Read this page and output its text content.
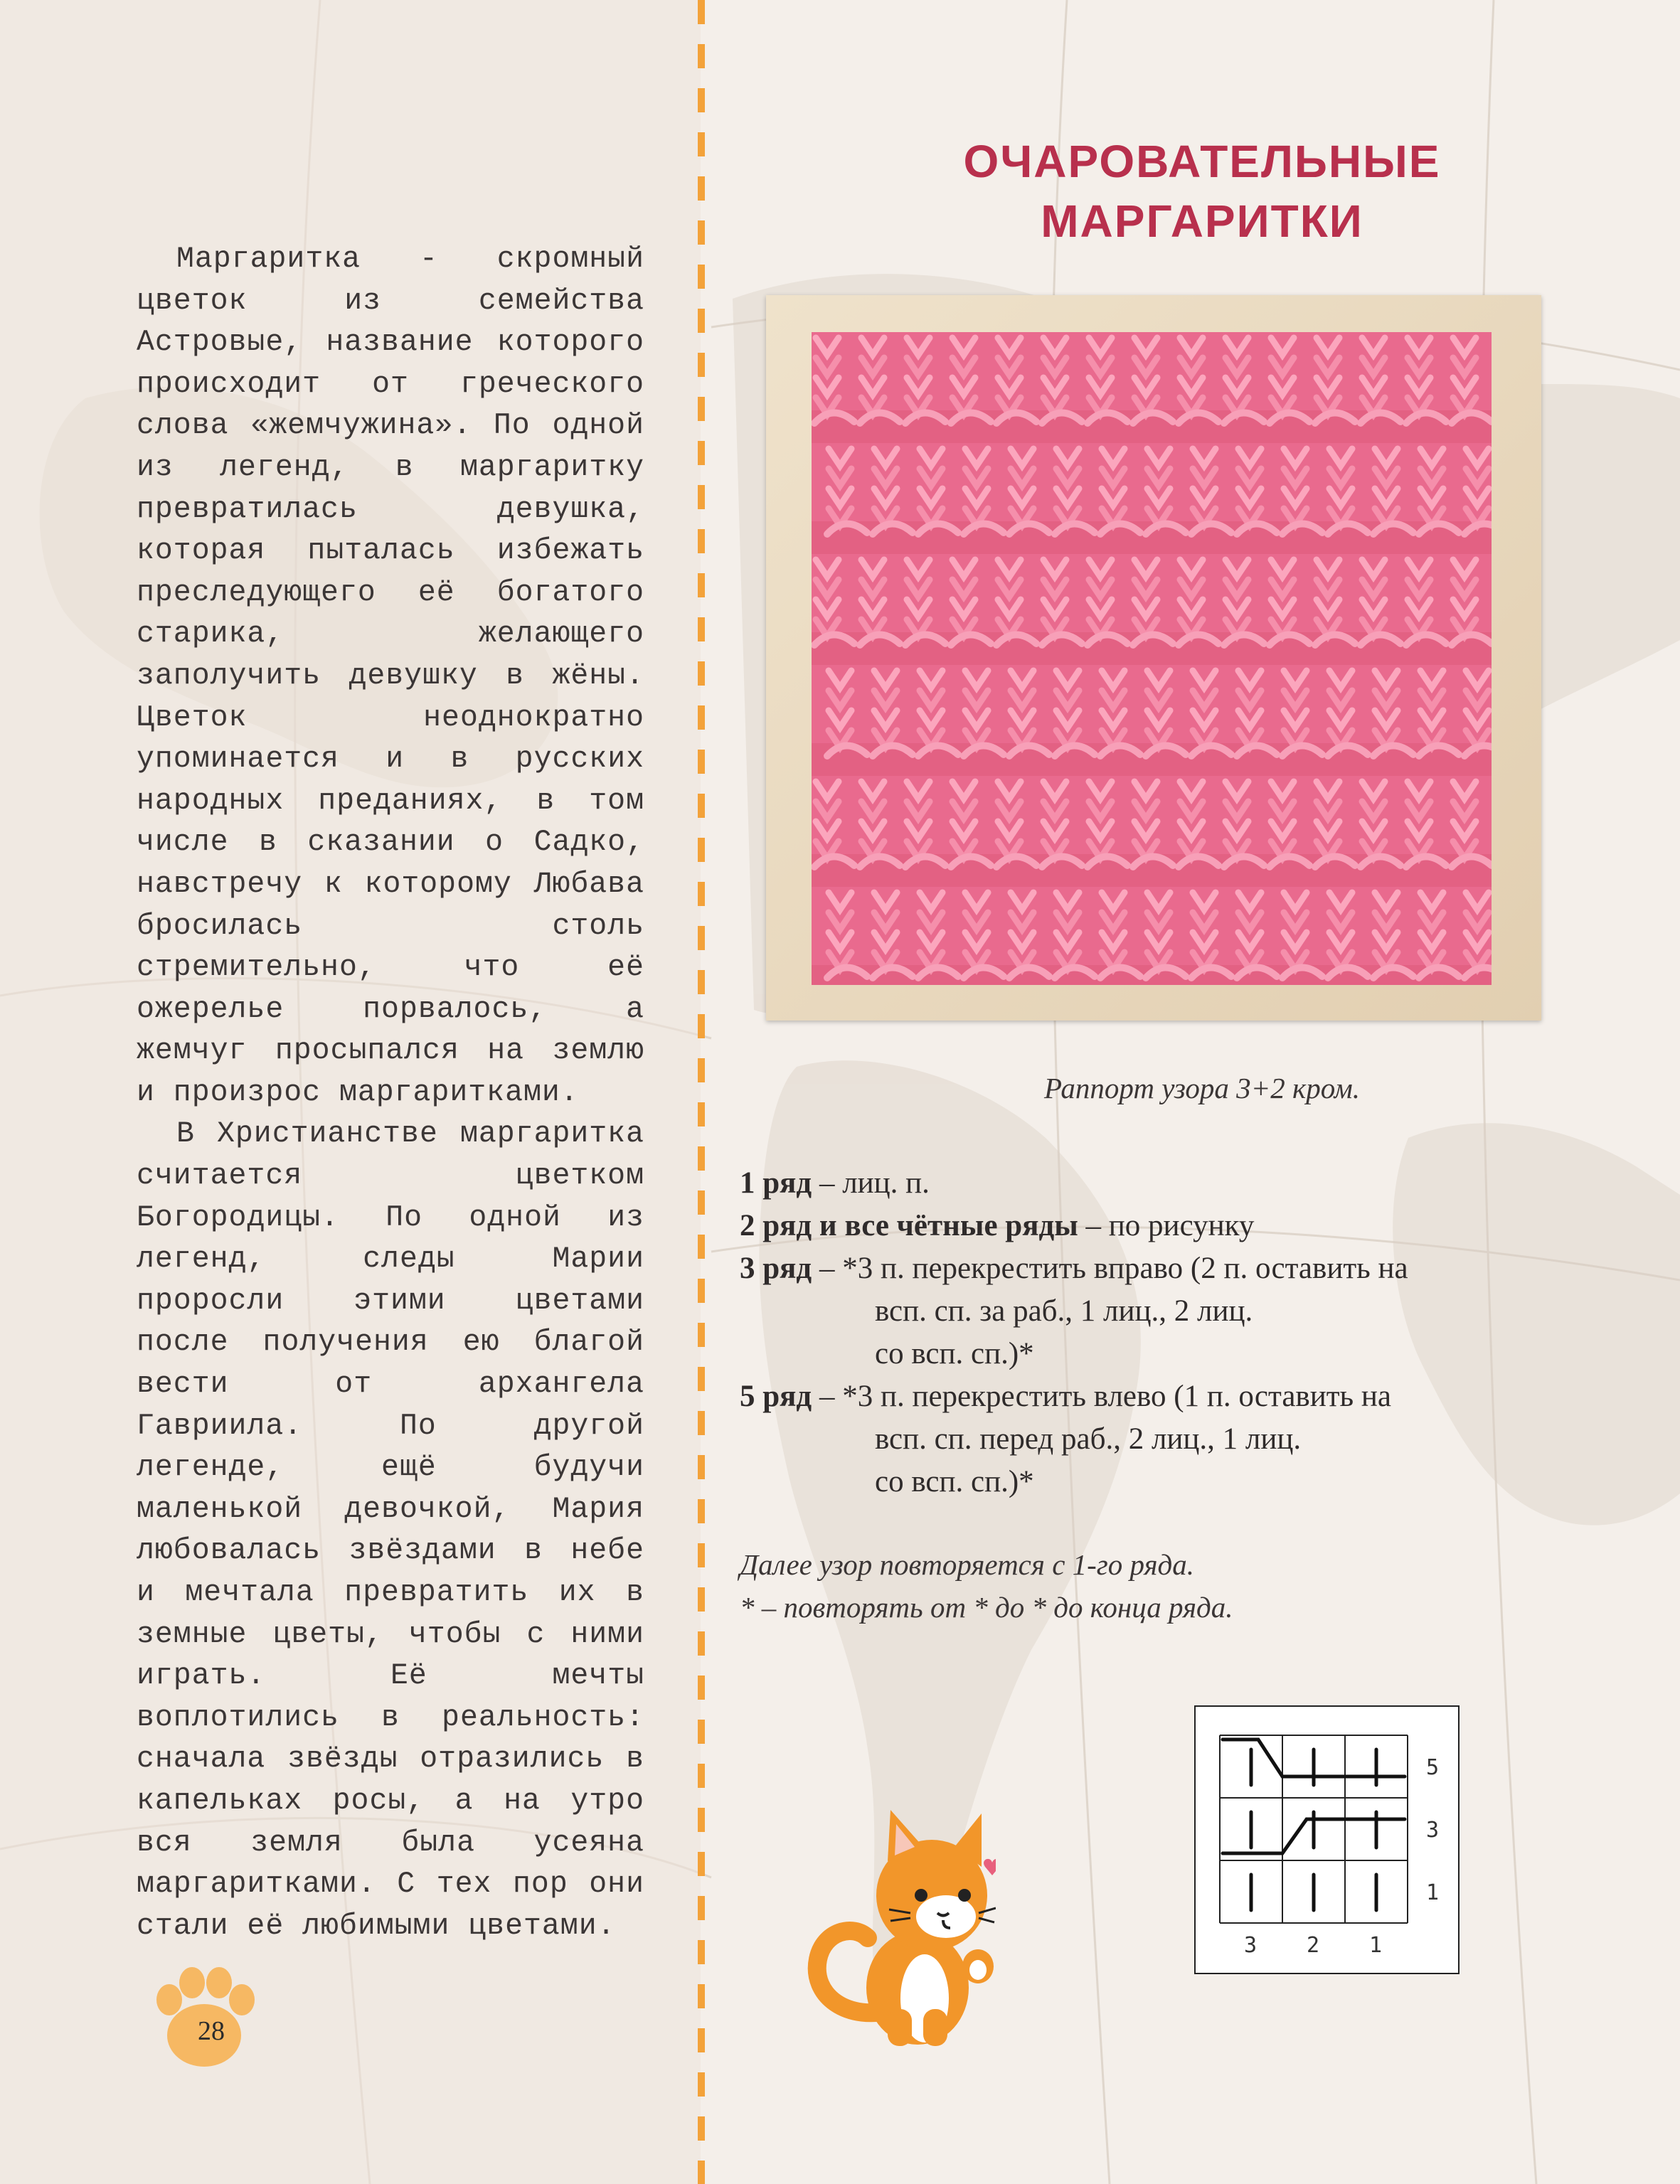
Маргаритка - скромный цветок из семейства Астровые, название которого происходит от греческого слова «жемчужина». По одной из легенд, в маргаритку превратилась девушка, которая пыталась избежать преследующего её богатого старика, желающего заполучить девушку в жёны. Цветок неоднократно упоминается и в русских народных преданиях, в том числе в сказании о Садко, навстречу к которому Любава бросилась столь стремительно, что её ожерелье порвалось, а жемчуг просыпался на землю и произрос маргаритками.

В Христианстве маргаритка считается цветком Богородицы. По одной из легенд, следы Марии проросли этими цветами после получения ею благой вести от архангела Гавриила. По другой легенде, ещё будучи маленькой девочкой, Мария любовалась звёздами в небе и мечтала превратить их в земные цветы, чтобы с ними играть. Её мечты воплотились в реальность: сначала звёзды отразились в капельках росы, а на утро вся земля была усеяна маргаритками. С тех пор они стали её любимыми цветами.

ОЧАРОВАТЕЛЬНЫЕ
МАРГАРИТКИ
Раппорт узора 3+2 кром.
1 ряд – лиц. п.
2 ряд и все чётные ряды – по рисунку
3 ряд – *3 п. перекрестить вправо (2 п. оставить на
всп. сп. за раб., 1 лиц., 2 лиц.
со всп. сп.)*
5 ряд – *3 п. перекрестить влево (1 п. оставить на
всп. сп. перед раб., 2 лиц., 1 лиц.
со всп. сп.)*
Далее узор повторяется с 1-го ряда.
* – повторять от * до * до конца ряда.
5
3
1
3 2 1
28
